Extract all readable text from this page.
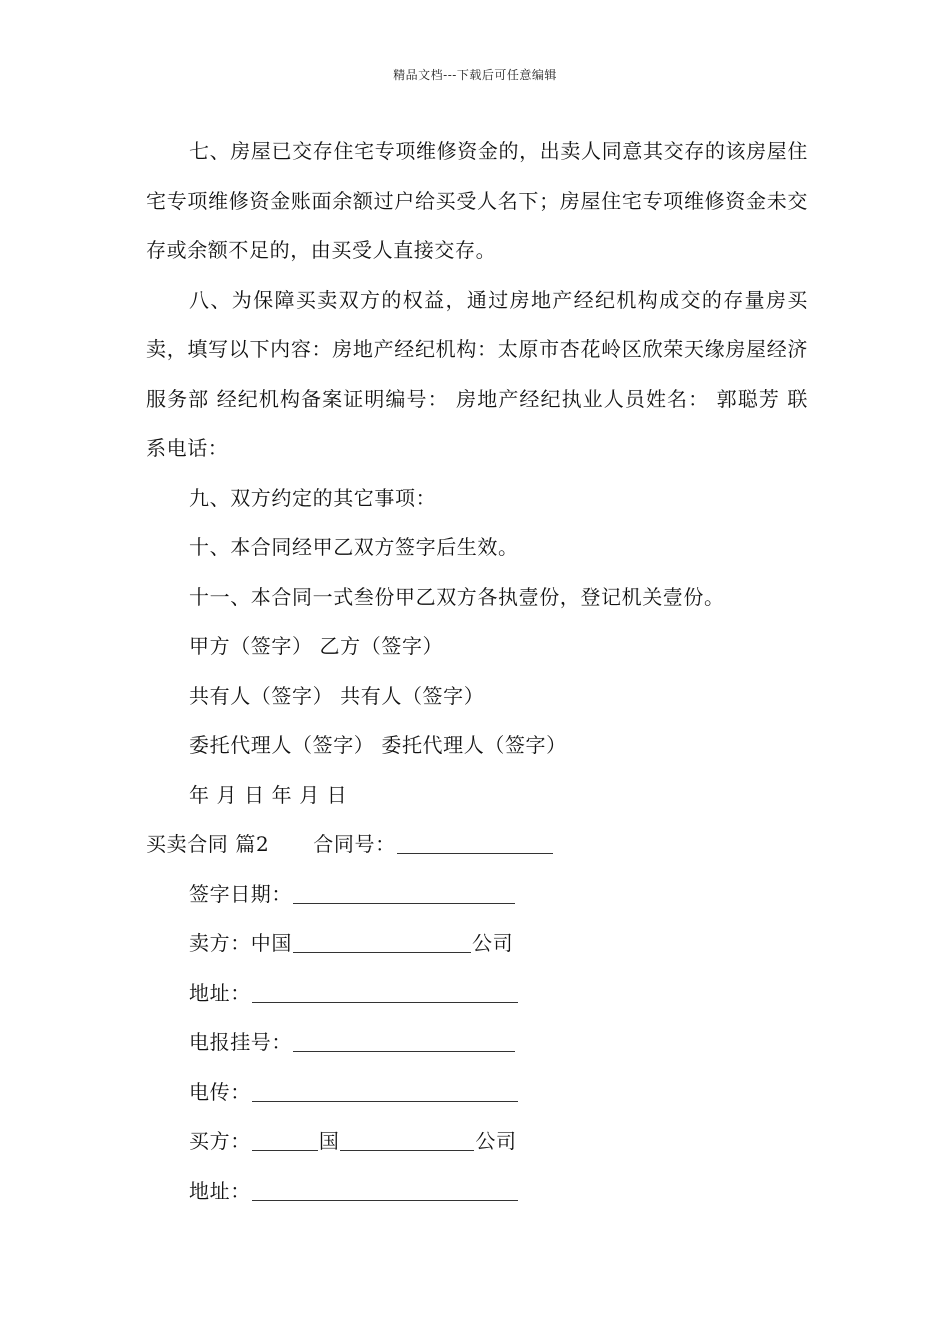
精品文档---下载后可任意编辑

七、房屋已交存住宅专项维修资金的，出卖人同意其交存的该房屋住宅专项维修资金账面余额过户给买受人名下；房屋住宅专项维修资金未交存或余额不足的，由买受人直接交存。

八、为保障买卖双方的权益，通过房地产经纪机构成交的存量房买卖，填写以下内容：房地产经纪机构：太原市杏花岭区欣荣天缘房屋经济服务部 经纪机构备案证明编号： 房地产经纪执业人员姓名： 郭聪芳 联系电话：

九、双方约定的其它事项：

十、本合同经甲乙双方签字后生效。

十一、本合同一式叁份甲乙双方各执壹份，登记机关壹份。

甲方（签字） 乙方（签字）

共有人（签字） 共有人（签字）

委托代理人（签字） 委托代理人（签字）

年 月 日 年 月 日

买卖合同 篇2 合同号：

签字日期：

卖方：中国	公司

地址：

电报挂号：

电传：

买方：	国	公司

地址：
